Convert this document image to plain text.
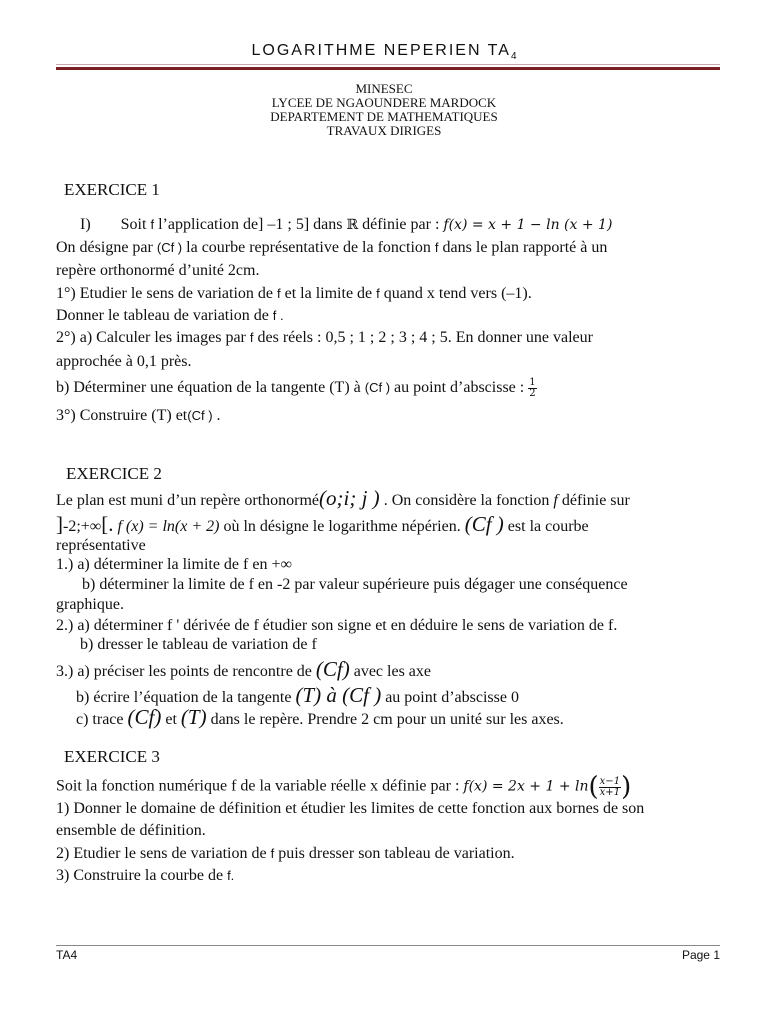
LOGARITHME NEPERIEN $TA_4$
MINESEC
LYCEE DE NGAOUNDERE MARDOCK
DEPARTEMENT DE MATHEMATIQUES
TRAVAUX DIRIGES
EXERCICE 1
I) Soit f l’application de] –1 ; 5] dans ℝ définie par : f(x) = x + 1 − ln (x + 1)
On désigne par (Cf ) la courbe représentative de la fonction f dans le plan rapporté à un
repère orthonormé d’unité 2cm.
1°) Etudier le sens de variation de f et la limite de f quand x tend vers (–1).
Donner le tableau de variation de f .
2°) a) Calculer les images par f des réels : 0,5 ; 1 ; 2 ; 3 ; 4 ; 5. En donner une valeur
approchée à 0,1 près.
b) Déterminer une équation de la tangente (T) à (Cf ) au point d’abscisse : $\frac{1}{2}$
3°) Construire (T) et(Cf ) .
EXERCICE 2
Le plan est muni d’un repère orthonormé(o;i; j ) . On considère la fonction f définie sur
]-2;+∞[. f (x) = ln(x + 2) où ln désigne le logarithme népérien. (Cf ) est la courbe
représentative
1.) a) déterminer la limite de f en +∞
b) déterminer la limite de f en -2 par valeur supérieure puis dégager une conséquence
graphique.
2.) a) déterminer f ' dérivée de f étudier son signe et en déduire le sens de variation de f.
b) dresser le tableau de variation de f
3.) a) préciser les points de rencontre de (Cf) avec les axe
b) écrire l’équation de la tangente (T) à (Cf ) au point d’abscisse 0
c) trace (Cf) et (T) dans le repère. Prendre 2 cm pour un unité sur les axes.
EXERCICE 3
Soit la fonction numérique f de la variable réelle x définie par : $f(x) = 2x + 1 + \ln( \frac{x-1}{x+1}$ )
1) Donner le domaine de définition et étudier les limites de cette fonction aux bornes de son
ensemble de définition.
2) Etudier le sens de variation de f puis dresser son tableau de variation.
3) Construire la courbe de f.
TA4	Page 1
